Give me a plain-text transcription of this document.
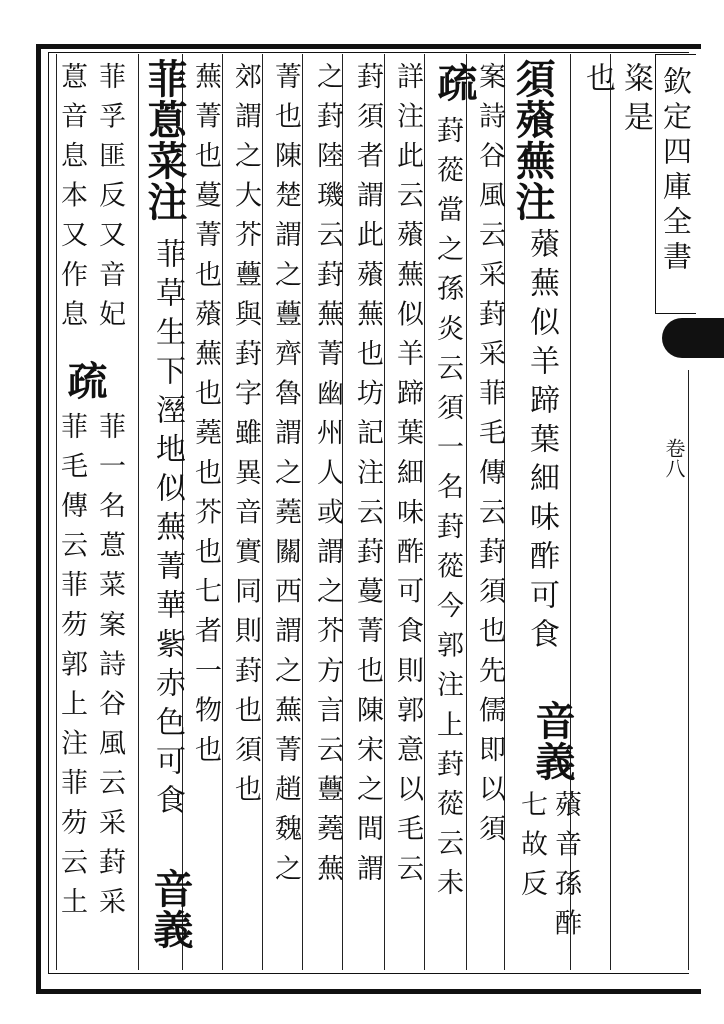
也 粢是
須薞蕪注
薞蕪似羊蹄葉細味酢可食
音義
七故反 薞音孫酢
疏
案詩谷風云采葑采菲毛傳云葑須也先儒即以須
葑蓯當之孫炎云須一名葑蓯今郭注上葑蓯云未
詳注此云薞蕪似羊蹄葉細味酢可食則郭意以毛云
葑須者謂此薞蕪也坊記注云葑蔓菁也陳宋之間謂
之葑陸璣云葑蕪菁幽州人或謂之芥方言云蘴蕘蕪
菁也陳楚謂之蘴齊魯謂之蕘關西謂之蕪菁趙魏之
郊謂之大芥蘴與葑字雖異音實同則葑也須也
蕪菁也蔓菁也薞蕪也蕘也芥也七者一物也
菲蒠菜注
菲草生下溼地似蕪菁華紫赤色可食
音義
菲孚匪反又音妃
蒠音息本又作息
疏
菲一名蒠菜案詩谷風云采葑采
菲毛傳云菲芴郭上注菲芴云土
欽定四庫全書
卷八
